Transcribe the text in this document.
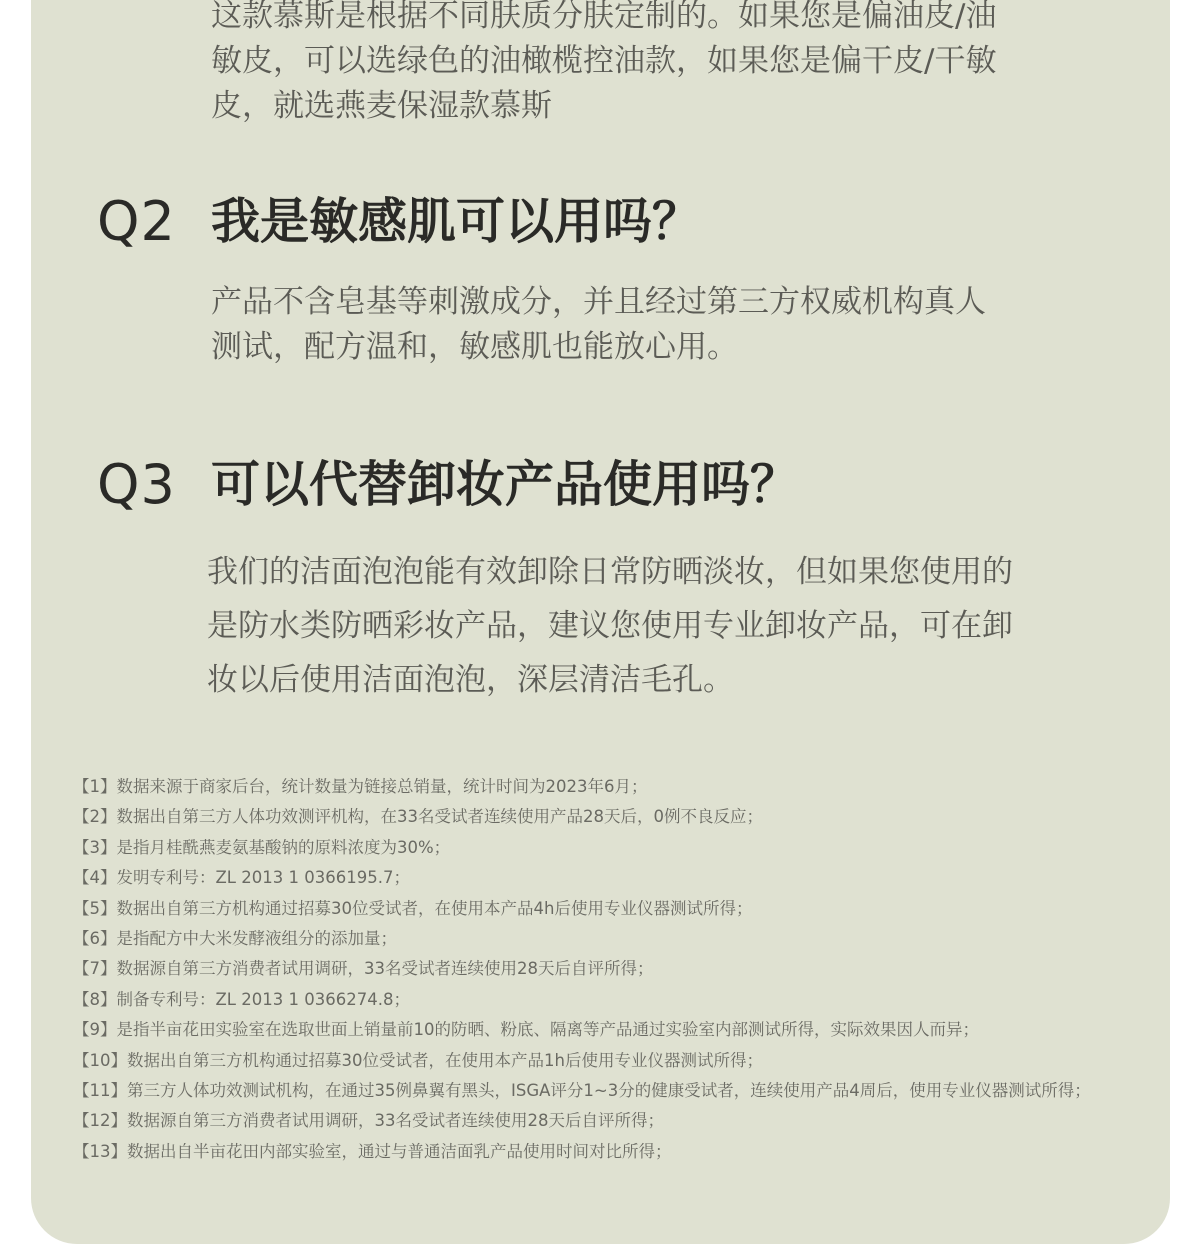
这款慕斯是根据不同肤质分肤定制的。如果您是偏油皮/油
敏皮，可以选绿色的油橄榄控油款，如果您是偏干皮/干敏
皮，就选燕麦保湿款慕斯
Q2 我是敏感肌可以用吗？
产品不含皂基等刺激成分，并且经过第三方权威机构真人
测试，配方温和，敏感肌也能放心用。
Q3 可以代替卸妆产品使用吗？
我们的洁面泡泡能有效卸除日常防晒淡妆，但如果您使用的
是防水类防晒彩妆产品，建议您使用专业卸妆产品，可在卸
妆以后使用洁面泡泡，深层清洁毛孔。
【1】数据来源于商家后台，统计数量为链接总销量，统计时间为2023年6月；
【2】数据出自第三方人体功效测评机构，在33名受试者连续使用产品28天后，0例不良反应；
【3】是指月桂酰燕麦氨基酸钠的原料浓度为30%；
【4】发明专利号：ZL 2013 1 0366195.7；
【5】数据出自第三方机构通过招募30位受试者，在使用本产品4h后使用专业仪器测试所得；
【6】是指配方中大米发酵液组分的添加量；
【7】数据源自第三方消费者试用调研，33名受试者连续使用28天后自评所得；
【8】制备专利号：ZL 2013 1 0366274.8；
【9】是指半亩花田实验室在选取世面上销量前10的防晒、粉底、隔离等产品通过实验室内部测试所得，实际效果因人而异；
【10】数据出自第三方机构通过招募30位受试者，在使用本产品1h后使用专业仪器测试所得；
【11】第三方人体功效测试机构，在通过35例鼻翼有黑头，ISGA评分1~3分的健康受试者，连续使用产品4周后，使用专业仪器测试所得；
【12】数据源自第三方消费者试用调研，33名受试者连续使用28天后自评所得；
【13】数据出自半亩花田内部实验室，通过与普通洁面乳产品使用时间对比所得；
